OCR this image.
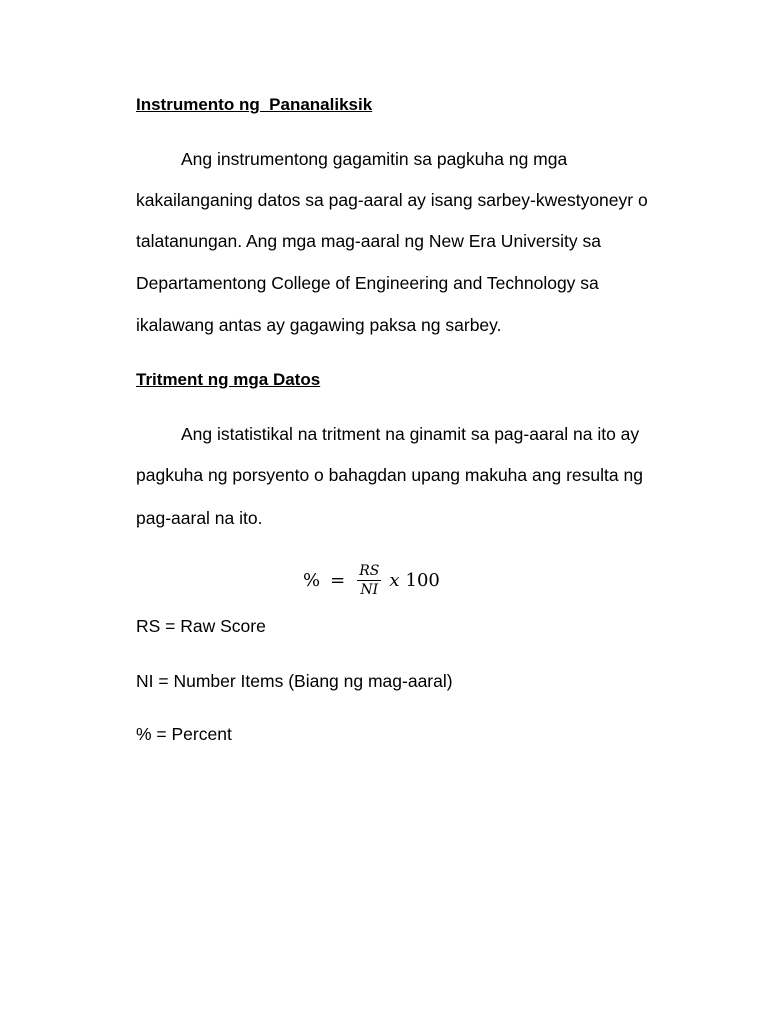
Instrumento ng  Pananaliksik

Ang instrumentong gagamitin sa pagkuha ng mga

kakailanganing datos sa pag-aaral ay isang sarbey-kwestyoneyr o

talatanungan. Ang mga mag-aaral ng New Era University sa

Departamentong College of Engineering and Technology sa

ikalawang antas ay gagawing paksa ng sarbey.

Tritment ng mga Datos

Ang istatistikal na tritment na ginamit sa pag-aaral na ito ay

pagkuha ng porsyento o bahagdan upang makuha ang resulta ng

pag-aaral na ito.

% = $\frac{RS}{NI}$ x 100

RS = Raw Score

NI = Number Items (Biang ng mag-aaral)

% = Percent
